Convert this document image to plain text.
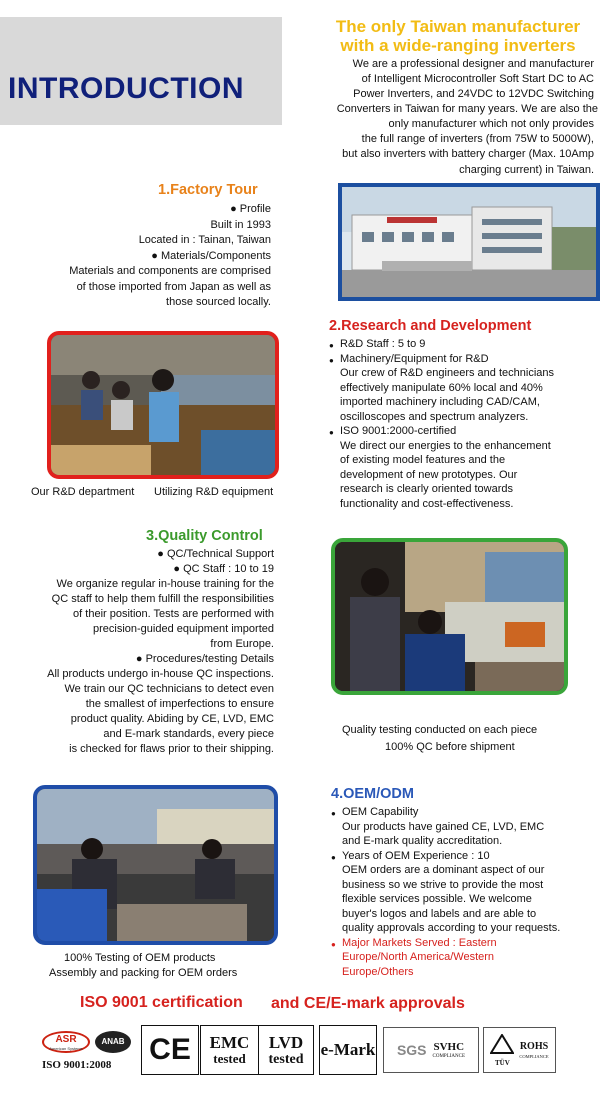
INTRODUCTION
The only Taiwan manufacturer
with a wide-ranging inverters
We are a professional designer and manufacturer
of Intelligent Microcontroller Soft Start DC to AC
Power Inverters, and 24VDC to 12VDC Switching
Converters in Taiwan for many years. We are also the
only manufacturer which not only provides
the full range of inverters (from 75W to 5000W),
but also inverters with battery charger (Max. 10Amp
charging current) in Taiwan.
1.Factory Tour
● Profile
Built in 1993
Located in : Tainan, Taiwan
● Materials/Components
Materials and components are comprised
of those imported from Japan as well as
those sourced locally.
Our R&D department Utilizing R&D equipment
2.Research and Development
● R&D Staff : 5 to 9
● Machinery/Equipment for R&D
Our crew of R&D engineers and technicians
effectively manipulate 60% local and 40%
imported machinery including CAD/CAM,
oscilloscopes and spectrum analyzers.
● ISO 9001:2000-certified
We direct our energies to the enhancement
of existing model features and the
development of new prototypes. Our
research is clearly oriented towards
functionality and cost-effectiveness.
3.Quality Control
● QC/Technical Support
● QC Staff : 10 to 19
We organize regular in-house training for the
QC staff to help them fulfill the responsibilities
of their position. Tests are performed with
precision-guided equipment imported
from Europe.
● Procedures/testing Details
All products undergo in-house QC inspections.
We train our QC technicians to detect even
the smallest of imperfections to ensure
product quality. Abiding by CE, LVD, EMC
and E-mark standards, every piece
is checked for flaws prior to their shipping.
Quality testing conducted on each piece
100% QC before shipment
100% Testing of OEM products
Assembly and packing for OEM orders
4.OEM/ODM
● OEM Capability
Our products have gained CE, LVD, EMC
and E-mark quality accreditation.
● Years of OEM Experience : 10
OEM orders are a dominant aspect of our
business so we strive to provide the most
flexible services possible. We welcome
buyer's logos and labels and are able to
quality approvals according to your requests.
● Major Markets Served : Eastern
Europe/North America/Western
Europe/Others
ISO 9001 certification and CE/E-mark approvals
ASR
American Systems
ANAB
ISO 9001:2008 CE	EMC
tested
LVD
tested e-Mark SGS SVHC
COMPLIANCE
TÜV
ROHS
COMPLIANCE
